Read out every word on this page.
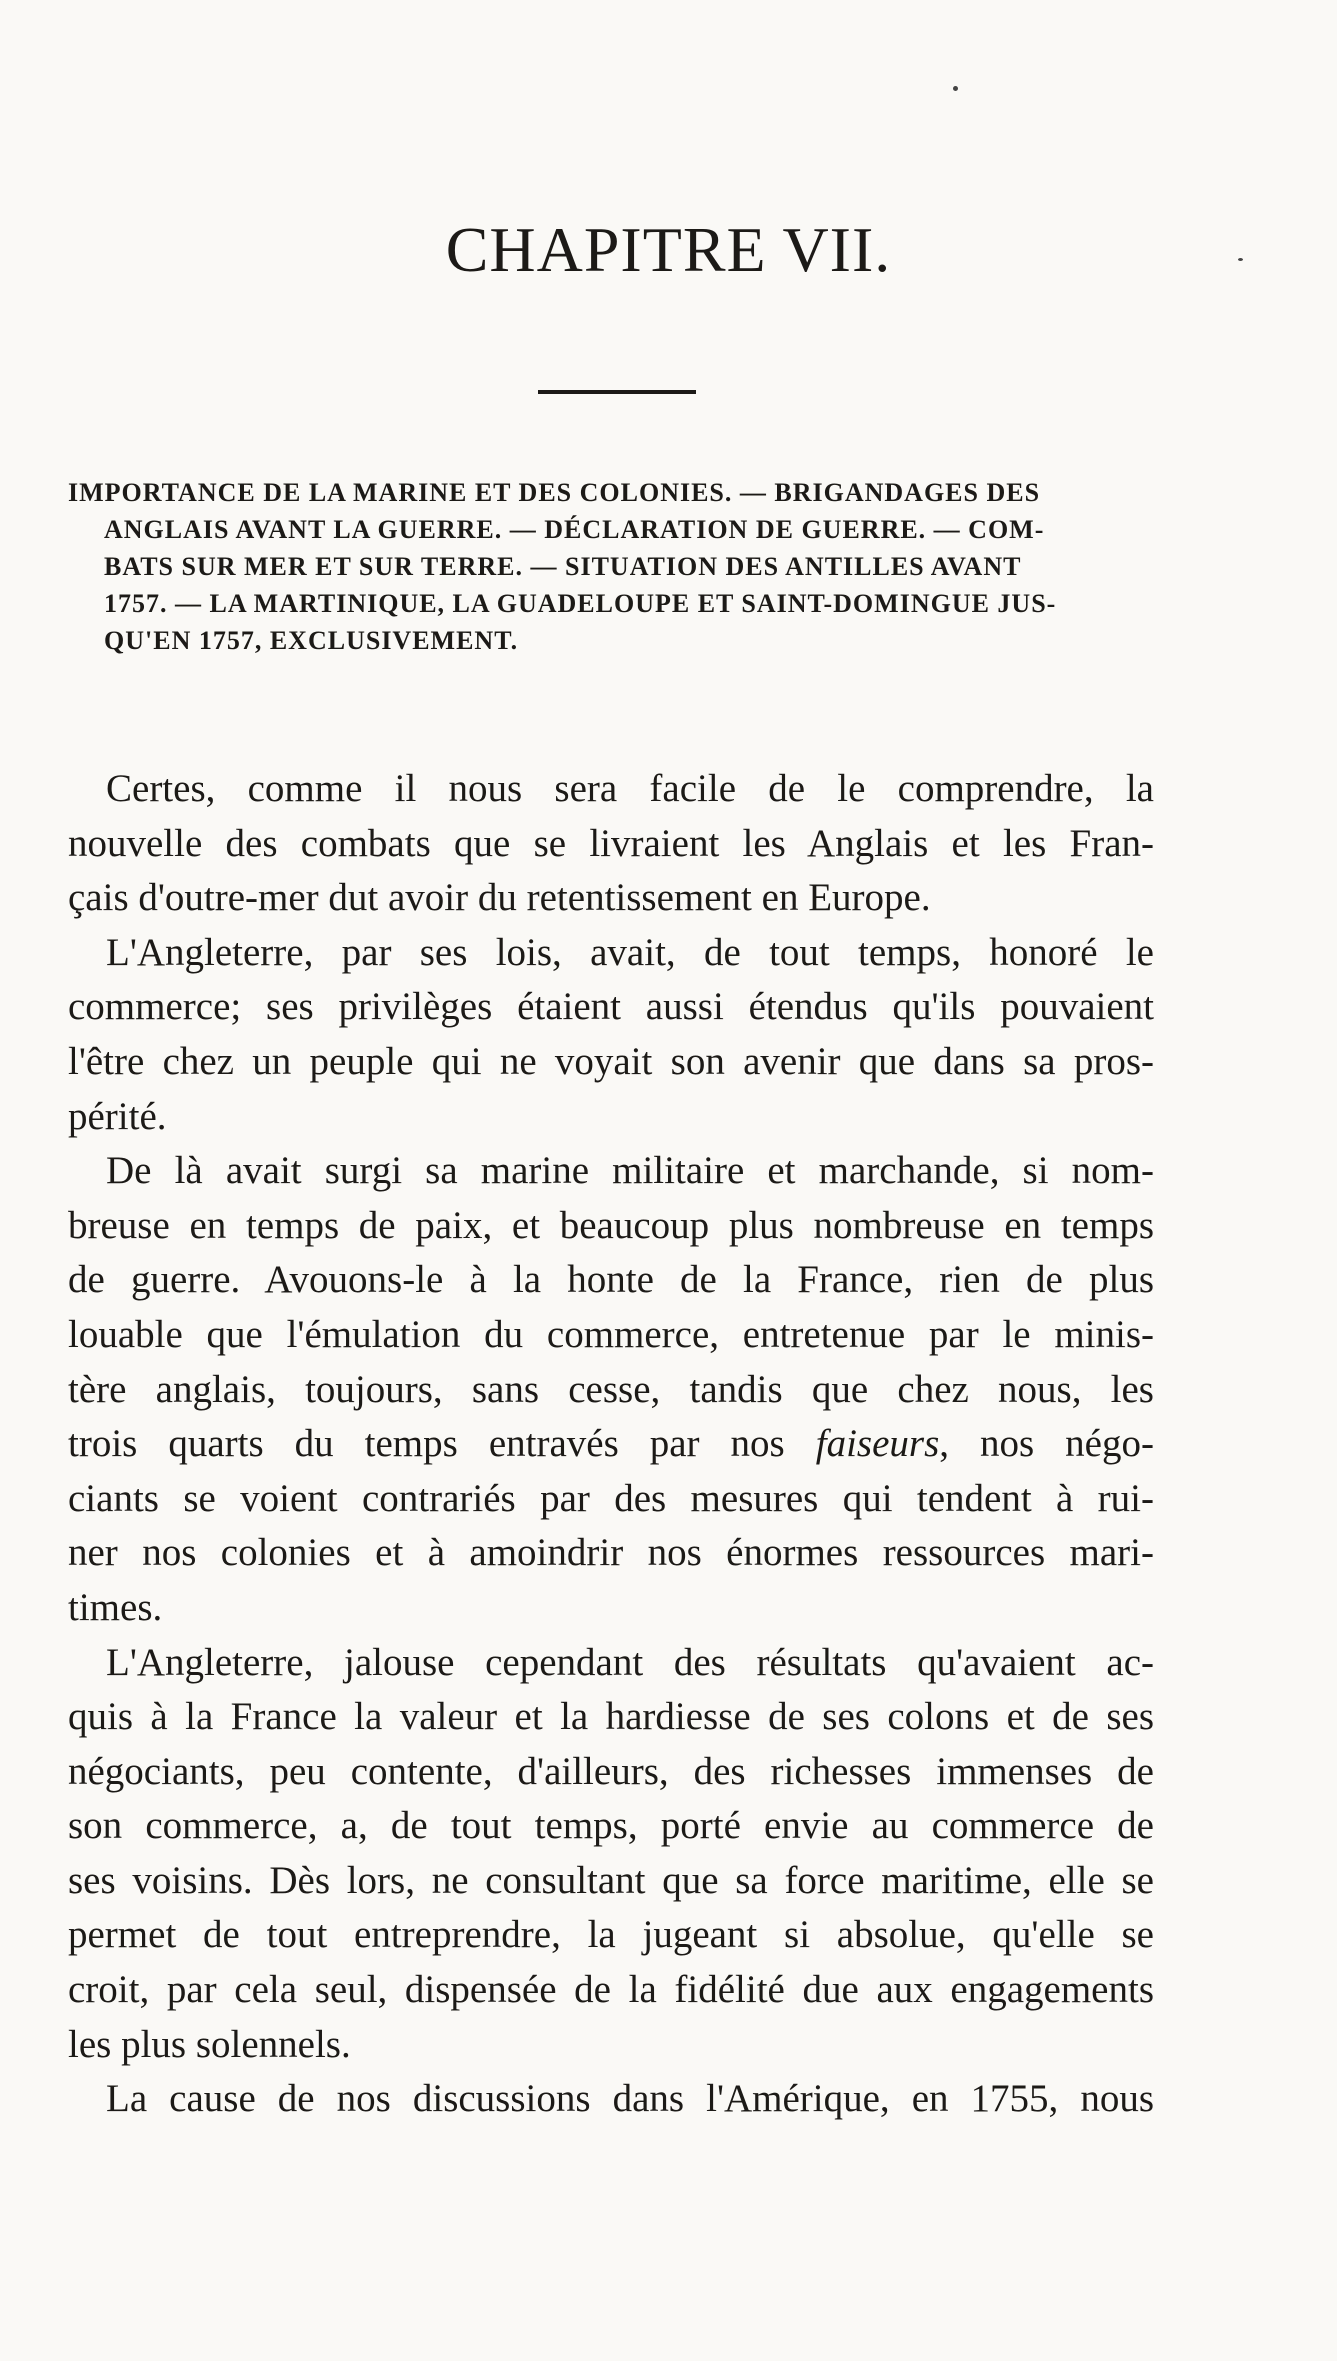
CHAPITRE VII.
IMPORTANCE DE LA MARINE ET DES COLONIES. — BRIGANDAGES DES
ANGLAIS AVANT LA GUERRE. — DÉCLARATION DE GUERRE. — COM-
BATS SUR MER ET SUR TERRE. — SITUATION DES ANTILLES AVANT
1757. — LA MARTINIQUE, LA GUADELOUPE ET SAINT-DOMINGUE JUS-
QU'EN 1757, EXCLUSIVEMENT.

Certes, comme il nous sera facile de le comprendre, la
nouvelle des combats que se livraient les Anglais et les Fran-
çais d'outre-mer dut avoir du retentissement en Europe.

L'Angleterre, par ses lois, avait, de tout temps, honoré le
commerce; ses privilèges étaient aussi étendus qu'ils pouvaient
l'être chez un peuple qui ne voyait son avenir que dans sa pros-
périté.

De là avait surgi sa marine militaire et marchande, si nom-
breuse en temps de paix, et beaucoup plus nombreuse en temps
de guerre. Avouons-le à la honte de la France, rien de plus
louable que l'émulation du commerce, entretenue par le minis-
tère anglais, toujours, sans cesse, tandis que chez nous, les
trois quarts du temps entravés par nos faiseurs, nos négo-
ciants se voient contrariés par des mesures qui tendent à rui-
ner nos colonies et à amoindrir nos énormes ressources mari-
times.

L'Angleterre, jalouse cependant des résultats qu'avaient ac-
quis à la France la valeur et la hardiesse de ses colons et de ses
négociants, peu contente, d'ailleurs, des richesses immenses de
son commerce, a, de tout temps, porté envie au commerce de
ses voisins. Dès lors, ne consultant que sa force maritime, elle se
permet de tout entreprendre, la jugeant si absolue, qu'elle se
croit, par cela seul, dispensée de la fidélité due aux engagements
les plus solennels.

La cause de nos discussions dans l'Amérique, en 1755, nous
